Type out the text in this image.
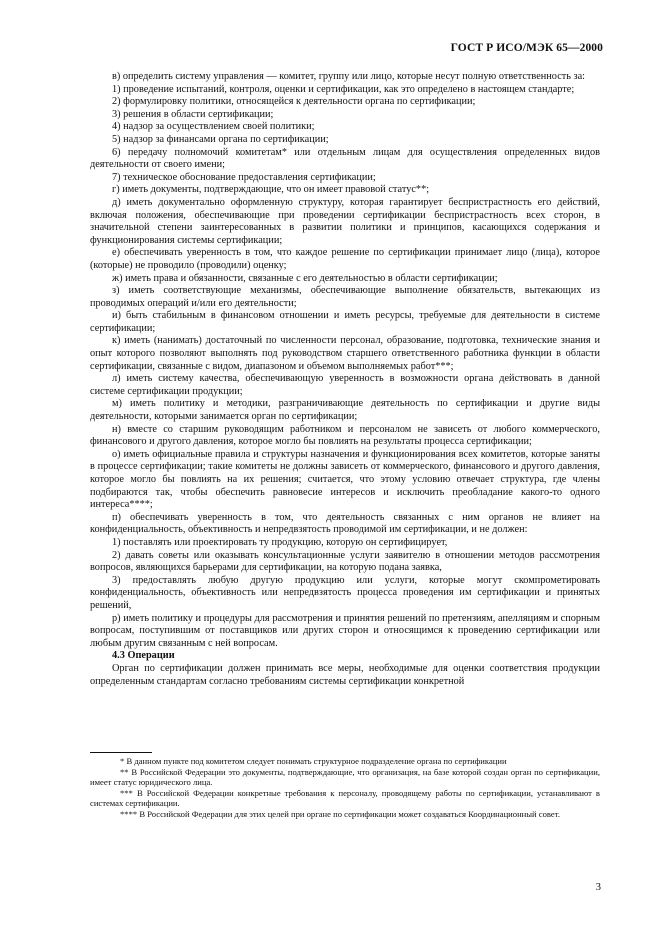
ГОСТ Р ИСО/МЭК 65—2000

в) определить систему управления — комитет, группу или лицо, которые несут полную ответственность за:

1) проведение испытаний, контроля, оценки и сертификации, как это определено в настоящем стандарте;

2) формулировку политики, относящейся к деятельности органа по сертификации;

3) решения в области сертификации;

4) надзор за осуществлением своей политики;

5) надзор за финансами органа по сертификации;

6) передачу полномочий комитетам* или отдельным лицам для осуществления определенных видов деятельности от своего имени;

7) техническое обоснование предоставления сертификации;

г) иметь документы, подтверждающие, что он имеет правовой статус**;

д) иметь документально оформленную структуру, которая гарантирует беспристрастность его действий, включая положения, обеспечивающие при проведении сертификации беспристрастность всех сторон, в значительной степени заинтересованных в развитии политики и принципов, касающихся содержания и функционирования системы сертификации;

е) обеспечивать уверенность в том, что каждое решение по сертификации принимает лицо (лица), которое (которые) не проводило (проводили) оценку;

ж) иметь права и обязанности, связанные с его деятельностью в области сертификации;

з) иметь соответствующие механизмы, обеспечивающие выполнение обязательств, вытекающих из проводимых операций и/или его деятельности;

и) быть стабильным в финансовом отношении и иметь ресурсы, требуемые для деятельности в системе сертификации;

к) иметь (нанимать) достаточный по численности персонал, образование, подготовка, технические знания и опыт которого позволяют выполнять под руководством старшего ответственного работника функции в области сертификации, связанные с видом, диапазоном и объемом выполняемых работ***;

л) иметь систему качества, обеспечивающую уверенность в возможности органа действовать в данной системе сертификации продукции;

м) иметь политику и методики, разграничивающие деятельность по сертификации и другие виды деятельности, которыми занимается орган по сертификации;

н) вместе со старшим руководящим работником и персоналом не зависеть от любого коммерческого, финансового и другого давления, которое могло бы повлиять на результаты процесса сертификации;

о) иметь официальные правила и структуры назначения и функционирования всех комитетов, которые заняты в процессе сертификации; такие комитеты не должны зависеть от коммерческого, финансового и другого давления, которое могло бы повлиять на их решения; считается, что этому условию отвечает структура, где члены подбираются так, чтобы обеспечить равновесие интересов и исключить преобладание какого-то одного интереса****;

п) обеспечивать уверенность в том, что деятельность связанных с ним органов не влияет на конфиденциальность, объективность и непредвзятость проводимой им сертификации, и не должен:

1) поставлять или проектировать ту продукцию, которую он сертифицирует,

2) давать советы или оказывать консультационные услуги заявителю в отношении методов рассмотрения вопросов, являющихся барьерами для сертификации, на которую подана заявка,

3) предоставлять любую другую продукцию или услуги, которые могут скомпрометировать конфиденциальность, объективность или непредвзятость процесса проведения им сертификации и принятых решений,

р) иметь политику и процедуры для рассмотрения и принятия решений по претензиям, апелляциям и спорным вопросам, поступившим от поставщиков или других сторон и относящимся к проведению сертификации или любым другим связанным с ней вопросам.

4.3 Операции

Орган по сертификации должен принимать все меры, необходимые для оценки соответствия продукции определенным стандартам согласно требованиям системы сертификации конкретной

* В данном пункте под комитетом следует понимать структурное подразделение органа по сертификации

** В Российской Федерации это документы, подтверждающие, что организация, на базе которой создан орган по сертификации, имеет статус юридического лица.

*** В Российской Федерации конкретные требования к персоналу, проводящему работы по сертификации, устанавливают в системах сертификации.

**** В Российской Федерации для этих целей при органе по сертификации может создаваться Координационный совет.

3
